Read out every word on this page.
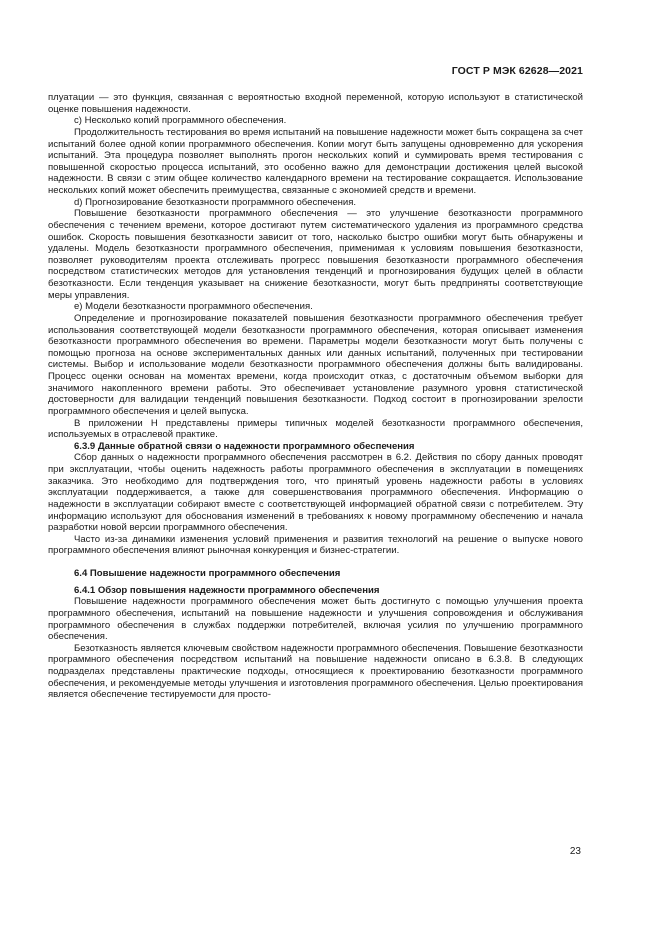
ГОСТ Р МЭК 62628—2021

плуатации — это функция, связанная с вероятностью входной переменной, которую используют в статистической оценке повышения надежности.

c) Несколько копий программного обеспечения.

Продолжительность тестирования во время испытаний на повышение надежности может быть сокращена за счет испытаний более одной копии программного обеспечения. Копии могут быть запущены одновременно для ускорения испытаний. Эта процедура позволяет выполнять прогон нескольких копий и суммировать время тестирования с повышенной скоростью процесса испытаний, это особенно важно для демонстрации достижения целей высокой надежности. В связи с этим общее количество календарного времени на тестирование сокращается. Использование нескольких копий может обеспечить преимущества, связанные с экономией средств и времени.

d) Прогнозирование безотказности программного обеспечения.

Повышение безотказности программного обеспечения — это улучшение безотказности программного обеспечения с течением времени, которое достигают путем систематического удаления из программного средства ошибок. Скорость повышения безотказности зависит от того, насколько быстро ошибки могут быть обнаружены и удалены. Модель безотказности программного обеспечения, применимая к условиям повышения безотказности, позволяет руководителям проекта отслеживать прогресс повышения безотказности программного обеспечения посредством статистических методов для установления тенденций и прогнозирования будущих целей в области безотказности. Если тенденция указывает на снижение безотказности, могут быть предприняты соответствующие меры управления.

e) Модели безотказности программного обеспечения.

Определение и прогнозирование показателей повышения безотказности программного обеспечения требует использования соответствующей модели безотказности программного обеспечения, которая описывает изменения безотказности программного обеспечения во времени. Параметры модели безотказности могут быть получены с помощью прогноза на основе экспериментальных данных или данных испытаний, полученных при тестировании системы. Выбор и использование модели безотказности программного обеспечения должны быть валидированы. Процесс оценки основан на моментах времени, когда происходит отказ, с достаточным объемом выборки для значимого накопленного времени работы. Это обеспечивает установление разумного уровня статистической достоверности для валидации тенденций повышения безотказности. Подход состоит в прогнозировании зрелости программного обеспечения и целей выпуска.

В приложении H представлены примеры типичных моделей безотказности программного обеспечения, используемых в отраслевой практике.

6.3.9 Данные обратной связи о надежности программного обеспечения

Сбор данных о надежности программного обеспечения рассмотрен в 6.2. Действия по сбору данных проводят при эксплуатации, чтобы оценить надежность работы программного обеспечения в эксплуатации в помещениях заказчика. Это необходимо для подтверждения того, что принятый уровень надежности работы в условиях эксплуатации поддерживается, а также для совершенствования программного обеспечения. Информацию о надежности в эксплуатации собирают вместе с соответствующей информацией обратной связи с потребителем. Эту информацию используют для обоснования изменений в требованиях к новому программному обеспечению и начала разработки новой версии программного обеспечения.

Часто из-за динамики изменения условий применения и развития технологий на решение о выпуске нового программного обеспечения влияют рыночная конкуренция и бизнес-стратегии.

6.4 Повышение надежности программного обеспечения

6.4.1 Обзор повышения надежности программного обеспечения

Повышение надежности программного обеспечения может быть достигнуто с помощью улучшения проекта программного обеспечения, испытаний на повышение надежности и улучшения сопровождения и обслуживания программного обеспечения в службах поддержки потребителей, включая усилия по улучшению программного обеспечения.

Безотказность является ключевым свойством надежности программного обеспечения. Повышение безотказности программного обеспечения посредством испытаний на повышение надежности описано в 6.3.8. В следующих подразделах представлены практические подходы, относящиеся к проектированию безотказности программного обеспечения, и рекомендуемые методы улучшения и изготовления программного обеспечения. Целью проектирования является обеспечение тестируемости для просто-

23
